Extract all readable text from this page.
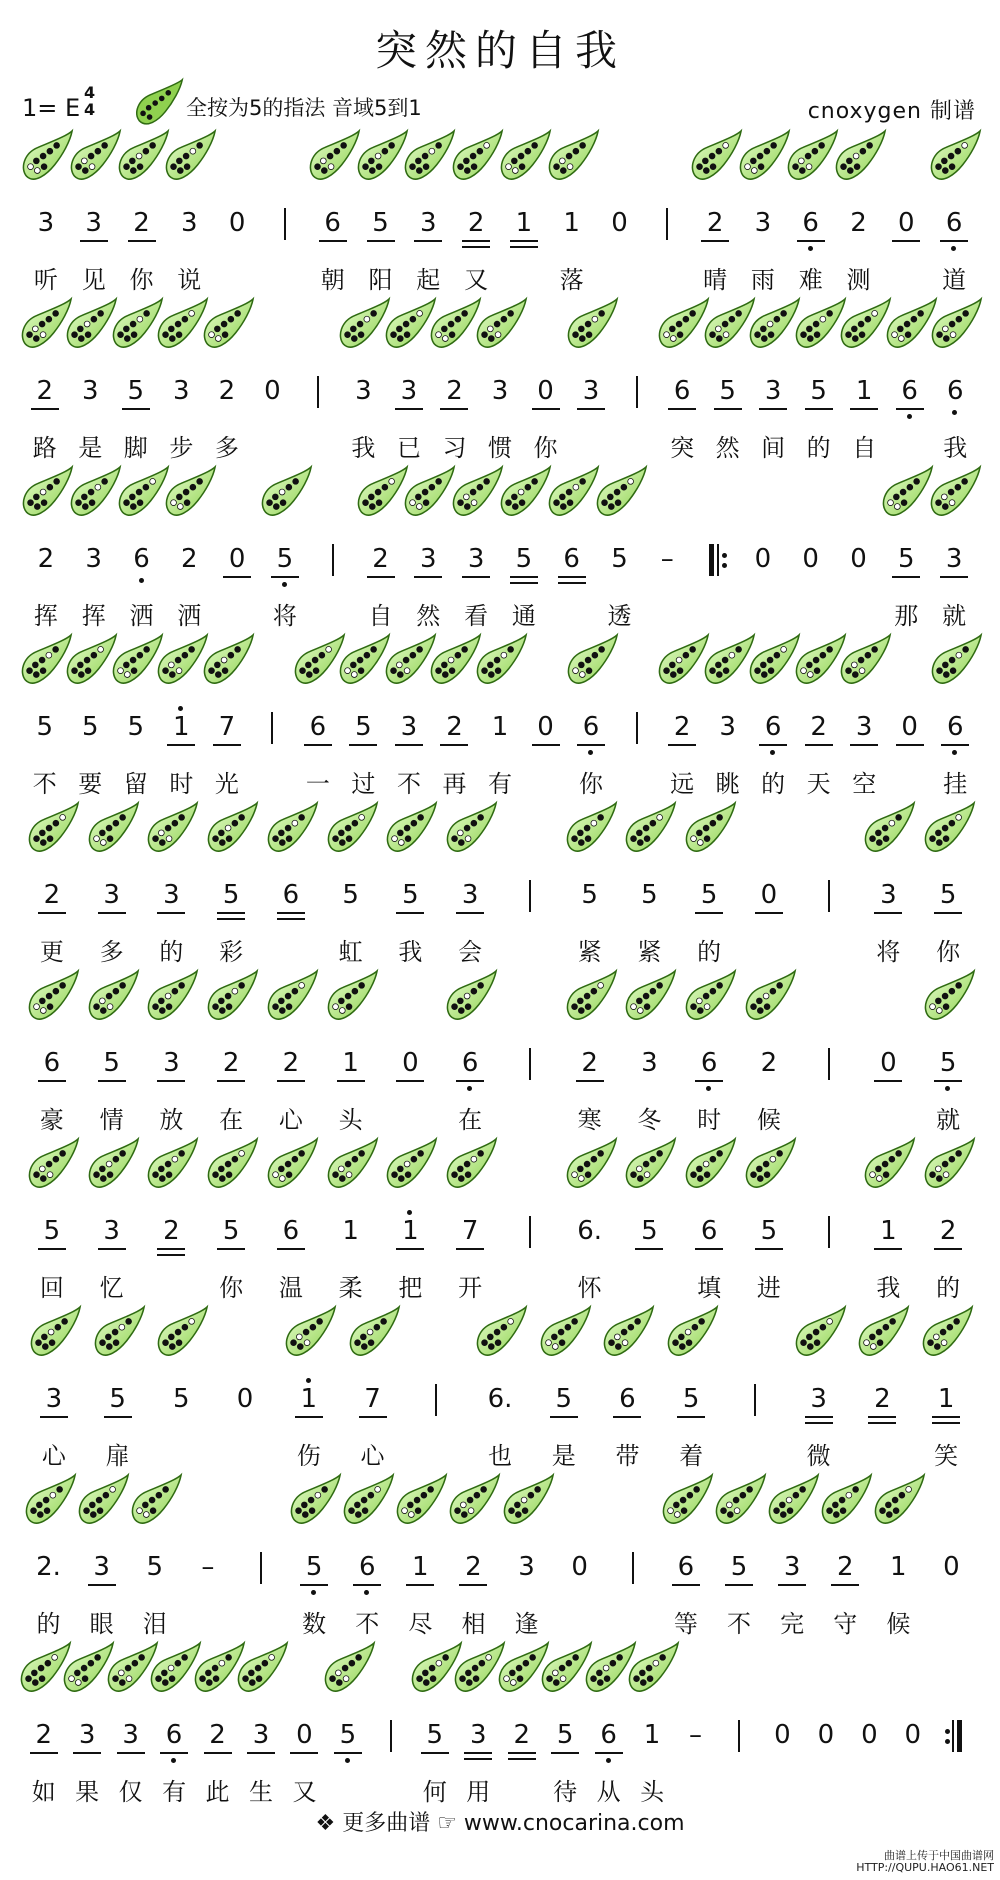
突然的自我
1= E
4
4	全按为5的指法 音域5到1	cnoxygen 制谱
3	3	2	3	0	6	5	3	2	1	1	0	2	3	6	2	0	6
听 见 你 说	朝 阳 起 又	落	晴 雨 难 测	道
2	3	5	3	2	0	3	3	2	3	0	3	6	5	3	5	1	6	6
路 是 脚 步 多	我 已 习 惯 你	突 然 间 的 自	我
2	3	6	2	0	5	2	3	3	5	6	5	–	0	0	0	5	3
挥 挥 洒 洒	将	自 然 看 通	透	那 就
5	5	5	1	7	6	5	3	2	1	0	6	2	3	6	2	3	0	6
不 要 留 时 光	一 过 不 再 有	你	远 眺 的 天 空	挂
2	3	3	5	6	5	5	3	5	5	5	0	3	5
更	多	的	彩	虹	我	会	紧	紧	的	将	你
6	5	3	2	2	1	0	6	2	3	6	2	0	5
豪	情	放	在	心	头	在	寒	冬	时	候	就
5	3	2	5	6	1	1	7	6.	5	6	5	1	2
回	忆	你	温	柔	把	开	怀	填	进	我	的
3	5	5	0	1	7	6.	5	6	5	3	2	1
心	扉	伤	心	也	是	带	着	微	笑
2.	3	5	–	5	6	1	2	3	0	6	5	3	2	1	0
的	眼	泪	数	不	尽	相	逢	等	不	完	守	候
2	3	3	6	2	3	0	5	5	3	2	5	6	1	–	0	0	0	0
如 果 仅 有 此 生 又	何 用	待 从 头
❖ 更多曲谱 ☞ www.cnocarina.com
曲谱上传于中国曲谱网
HTTP://QUPU.HAO61.NET
